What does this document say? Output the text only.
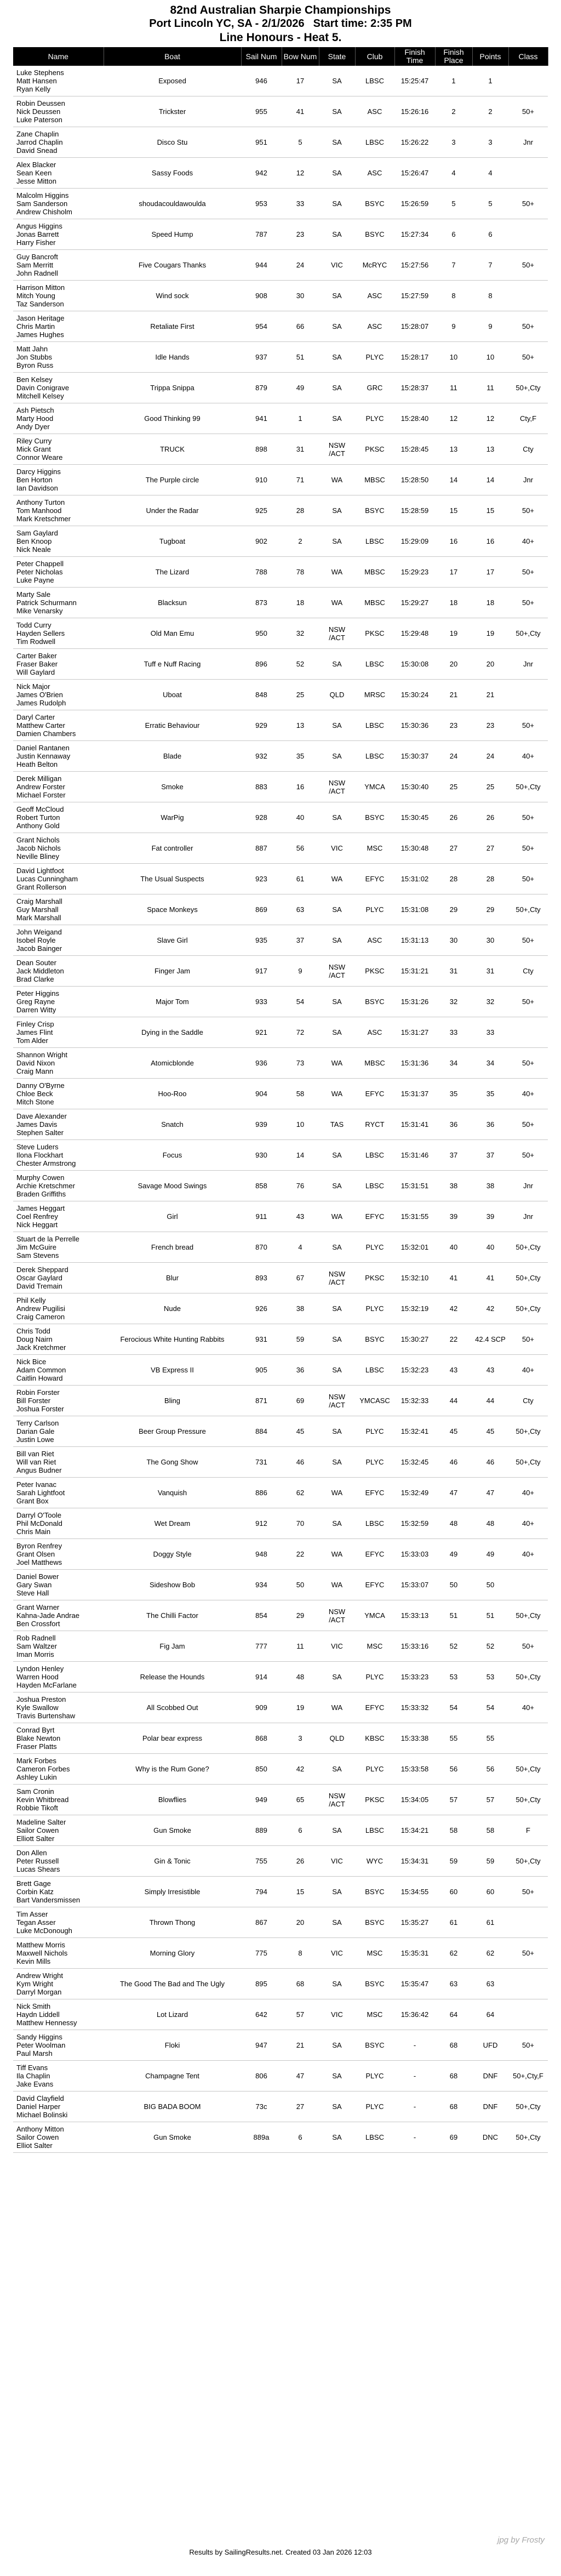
82nd Australian Sharpie Championships
Port Lincoln YC, SA - 2/1/2026 Start time: 2:35 PM
Line Honours - Heat 5.
Name	Boat	Sail Num	Bow Num	State	Club	Finish Time	Finish Place	Points	Class

Luke Stephens
Matt Hansen
Ryan Kelly	Exposed	946	17	SA	LBSC	15:25:47	1	1	

Robin Deussen
Nick Deussen
Luke Paterson	Trickster	955	41	SA	ASC	15:26:16	2	2	50+

Zane Chaplin
Jarrod Chaplin
David Snead	Disco Stu	951	5	SA	LBSC	15:26:22	3	3	Jnr

Alex Blacker
Sean Keen
Jesse Mitton	Sassy Foods	942	12	SA	ASC	15:26:47	4	4	

Malcolm Higgins
Sam Sanderson
Andrew Chisholm	shoudacouldawoulda	953	33	SA	BSYC	15:26:59	5	5	50+

Angus Higgins
Jonas Barrett
Harry Fisher	Speed Hump	787	23	SA	BSYC	15:27:34	6	6	

Guy Bancroft
Sam Merritt
John Radnell	Five Cougars Thanks	944	24	VIC	McRYC	15:27:56	7	7	50+

Harrison Mitton
Mitch Young
Taz Sanderson	Wind sock	908	30	SA	ASC	15:27:59	8	8	

Jason Heritage
Chris Martin
James Hughes	Retaliate First	954	66	SA	ASC	15:28:07	9	9	50+

Matt Jahn
Jon Stubbs
Byron Russ	Idle Hands	937	51	SA	PLYC	15:28:17	10	10	50+

Ben Kelsey
Davin Conigrave
Mitchell Kelsey	Trippa Snippa	879	49	SA	GRC	15:28:37	11	11	50+,Cty

Ash Pietsch
Marty Hood
Andy Dyer	Good Thinking 99	941	1	SA	PLYC	15:28:40	12	12	Cty,F

Riley Curry
Mick Grant
Connor Weare	TRUCK	898	31	NSW /ACT	PKSC	15:28:45	13	13	Cty

Darcy Higgins
Ben Horton
Ian Davidson	The Purple circle	910	71	WA	MBSC	15:28:50	14	14	Jnr

Anthony Turton
Tom Manhood
Mark Kretschmer	Under the Radar	925	28	SA	BSYC	15:28:59	15	15	50+

Sam Gaylard
Ben Knoop
Nick Neale	Tugboat	902	2	SA	LBSC	15:29:09	16	16	40+

Peter Chappell
Peter Nicholas
Luke Payne	The Lizard	788	78	WA	MBSC	15:29:23	17	17	50+

Marty Sale
Patrick Schurmann
Mike Venarsky	Blacksun	873	18	WA	MBSC	15:29:27	18	18	50+

Todd Curry
Hayden Sellers
Tim Rodwell	Old Man Emu	950	32	NSW /ACT	PKSC	15:29:48	19	19	50+,Cty

Carter Baker
Fraser Baker
Will Gaylard	Tuff e Nuff Racing	896	52	SA	LBSC	15:30:08	20	20	Jnr

Nick Major
James O'Brien
James Rudolph	Uboat	848	25	QLD	MRSC	15:30:24	21	21	

Daryl Carter
Matthew Carter
Damien Chambers	Erratic Behaviour	929	13	SA	LBSC	15:30:36	23	23	50+

Daniel Rantanen
Justin Kennaway
Heath Belton	Blade	932	35	SA	LBSC	15:30:37	24	24	40+

Derek Milligan
Andrew Forster
Michael Forster	Smoke	883	16	NSW /ACT	YMCA	15:30:40	25	25	50+,Cty

Geoff McCloud
Robert Turton
Anthony Gold	WarPig	928	40	SA	BSYC	15:30:45	26	26	50+

Grant Nichols
Jacob Nichols
Neville Bliney	Fat controller	887	56	VIC	MSC	15:30:48	27	27	50+

David Lightfoot
Lucas Cunningham
Grant Rollerson	The Usual Suspects	923	61	WA	EFYC	15:31:02	28	28	50+

Craig Marshall
Guy Marshall
Mark Marshall	Space Monkeys	869	63	SA	PLYC	15:31:08	29	29	50+,Cty

John Weigand
Isobel Royle
Jacob Bainger	Slave Girl	935	37	SA	ASC	15:31:13	30	30	50+

Dean Souter
Jack Middleton
Brad Clarke	Finger Jam	917	9	NSW /ACT	PKSC	15:31:21	31	31	Cty

Peter Higgins
Greg Rayne
Darren Witty	Major Tom	933	54	SA	BSYC	15:31:26	32	32	50+

Finley Crisp
James Flint
Tom Alder	Dying in the Saddle	921	72	SA	ASC	15:31:27	33	33	

Shannon Wright
David Nixon
Craig Mann	Atomicblonde	936	73	WA	MBSC	15:31:36	34	34	50+

Danny O'Byrne
Chloe Beck
Mitch Stone	Hoo-Roo	904	58	WA	EFYC	15:31:37	35	35	40+

Dave Alexander
James Davis
Stephen Salter	Snatch	939	10	TAS	RYCT	15:31:41	36	36	50+

Steve Luders
Ilona Flockhart
Chester Armstrong	Focus	930	14	SA	LBSC	15:31:46	37	37	50+

Murphy Cowen
Archie Kretschmer
Braden Griffiths	Savage Mood Swings	858	76	SA	LBSC	15:31:51	38	38	Jnr

James Heggart
Coel Renfrey
Nick Heggart	Girl	911	43	WA	EFYC	15:31:55	39	39	Jnr

Stuart de la Perrelle
Jim McGuire
Sam Stevens	French bread	870	4	SA	PLYC	15:32:01	40	40	50+,Cty

Derek Sheppard
Oscar Gaylard
David Tremain	Blur	893	67	NSW /ACT	PKSC	15:32:10	41	41	50+,Cty

Phil Kelly
Andrew Pugilisi
Craig Cameron	Nude	926	38	SA	PLYC	15:32:19	42	42	50+,Cty

Chris Todd
Doug Nairn
Jack Kretchmer	Ferocious White Hunting Rabbits	931	59	SA	BSYC	15:30:27	22	42.4 SCP	50+

Nick Bice
Adam Common
Caitlin Howard	VB Express II	905	36	SA	LBSC	15:32:23	43	43	40+

Robin Forster
Bill Forster
Joshua Forster	Bling	871	69	NSW /ACT	YMCASC	15:32:33	44	44	Cty

Terry Carlson
Darian Gale
Justin Lowe	Beer Group Pressure	884	45	SA	PLYC	15:32:41	45	45	50+,Cty

Bill van Riet
Will van Riet
Angus Budner	The Gong Show	731	46	SA	PLYC	15:32:45	46	46	50+,Cty

Peter Ivanac
Sarah Lightfoot
Grant Box	Vanquish	886	62	WA	EFYC	15:32:49	47	47	40+

Darryl O'Toole
Phil McDonald
Chris Main	Wet Dream	912	70	SA	LBSC	15:32:59	48	48	40+

Byron Renfrey
Grant Olsen
Joel Matthews	Doggy Style	948	22	WA	EFYC	15:33:03	49	49	40+

Daniel Bower
Gary Swan
Steve Hall	Sideshow Bob	934	50	WA	EFYC	15:33:07	50	50	

Grant Warner
Kahna-Jade Andrae
Ben Crossfort	The Chilli Factor	854	29	NSW /ACT	YMCA	15:33:13	51	51	50+,Cty

Rob Radnell
Sam Waltzer
Iman Morris	Fig Jam	777	11	VIC	MSC	15:33:16	52	52	50+

Lyndon Henley
Warren Hood
Hayden McFarlane	Release the Hounds	914	48	SA	PLYC	15:33:23	53	53	50+,Cty

Joshua Preston
Kyle Swallow
Travis Burtenshaw	All Scobbed Out	909	19	WA	EFYC	15:33:32	54	54	40+

Conrad Byrt
Blake Newton
Fraser Platts	Polar bear express	868	3	QLD	KBSC	15:33:38	55	55	

Mark Forbes
Cameron Forbes
Ashley Lukin	Why is the Rum Gone?	850	42	SA	PLYC	15:33:58	56	56	50+,Cty

Sam Cronin
Kevin Whitbread
Robbie Tikoft	Blowflies	949	65	NSW /ACT	PKSC	15:34:05	57	57	50+,Cty

Madeline Salter
Sailor Cowen
Elliott Salter	Gun Smoke	889	6	SA	LBSC	15:34:21	58	58	F

Don Allen
Peter Russell
Lucas Shears	Gin & Tonic	755	26	VIC	WYC	15:34:31	59	59	50+,Cty

Brett Gage
Corbin Katz
Bart Vandersmissen	Simply Irresistible	794	15	SA	BSYC	15:34:55	60	60	50+

Tim Asser
Tegan Asser
Luke McDonough	Thrown Thong	867	20	SA	BSYC	15:35:27	61	61	

Matthew Morris
Maxwell Nichols
Kevin Mills	Morning Glory	775	8	VIC	MSC	15:35:31	62	62	50+

Andrew Wright
Kym Wright
Darryl Morgan	The Good The Bad and The Ugly	895	68	SA	BSYC	15:35:47	63	63	

Nick Smith
Haydn Liddell
Matthew Hennessy	Lot Lizard	642	57	VIC	MSC	15:36:42	64	64	

Sandy Higgins
Peter Woolman
Paul Marsh	Floki	947	21	SA	BSYC	-	68	UFD	50+

Tiff Evans
Ila Chaplin
Jake Evans	Champagne Tent	806	47	SA	PLYC	-	68	DNF	50+,Cty,F

David Clayfield
Daniel Harper
Michael Bolinski	BIG BADA BOOM	73c	27	SA	PLYC	-	68	DNF	50+,Cty

Anthony Mitton
Sailor Cowen
Elliot Salter	Gun Smoke	889a	6	SA	LBSC	-	69	DNC	50+,Cty
jpg by Frosty
Results by SailingResults.net. Created 03 Jan 2026 12:03
